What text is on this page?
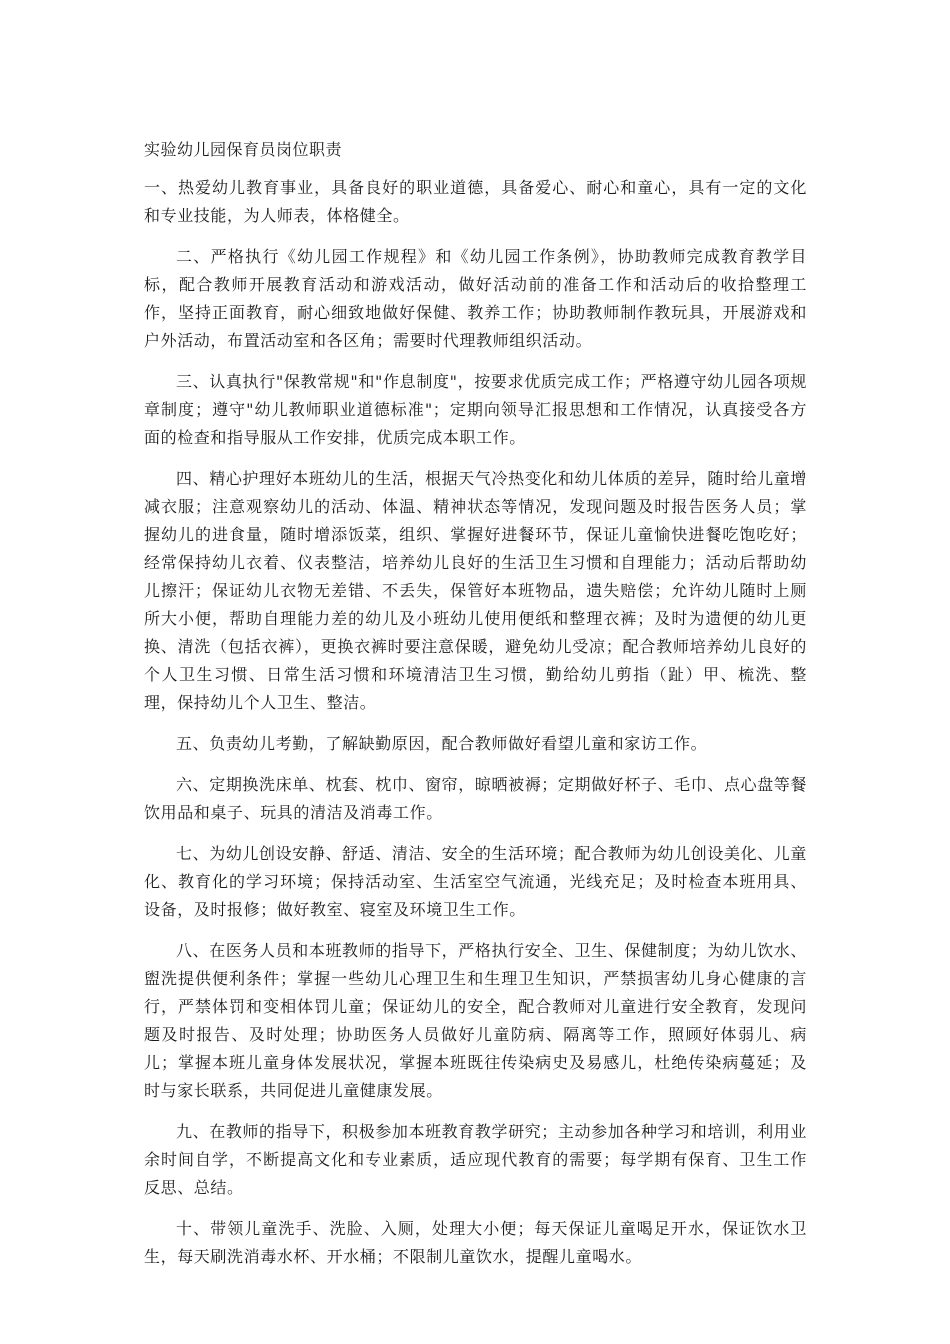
实验幼儿园保育员岗位职责

一、热爱幼儿教育事业，具备良好的职业道德，具备爱心、耐心和童心，具有一定的文化和专业技能，为人师表，体格健全。

二、严格执行《幼儿园工作规程》和《幼儿园工作条例》，协助教师完成教育教学目标，配合教师开展教育活动和游戏活动，做好活动前的准备工作和活动后的收拾整理工作，坚持正面教育，耐心细致地做好保健、教养工作；协助教师制作教玩具，开展游戏和户外活动，布置活动室和各区角；需要时代理教师组织活动。

三、认真执行"保教常规"和"作息制度"，按要求优质完成工作；严格遵守幼儿园各项规章制度；遵守"幼儿教师职业道德标准"；定期向领导汇报思想和工作情况，认真接受各方面的检查和指导服从工作安排，优质完成本职工作。

四、精心护理好本班幼儿的生活，根据天气冷热变化和幼儿体质的差异，随时给儿童增减衣服；注意观察幼儿的活动、体温、精神状态等情况，发现问题及时报告医务人员；掌握幼儿的进食量，随时增添饭菜，组织、掌握好进餐环节，保证儿童愉快进餐吃饱吃好；经常保持幼儿衣着、仪表整洁，培养幼儿良好的生活卫生习惯和自理能力；活动后帮助幼儿擦汗；保证幼儿衣物无差错、不丢失，保管好本班物品，遗失赔偿；允许幼儿随时上厕所大小便，帮助自理能力差的幼儿及小班幼儿使用便纸和整理衣裤；及时为遗便的幼儿更换、清洗（包括衣裤），更换衣裤时要注意保暖，避免幼儿受凉；配合教师培养幼儿良好的个人卫生习惯、日常生活习惯和环境清洁卫生习惯，勤给幼儿剪指（趾）甲、梳洗、整理，保持幼儿个人卫生、整洁。

五、负责幼儿考勤，了解缺勤原因，配合教师做好看望儿童和家访工作。

六、定期换洗床单、枕套、枕巾、窗帘，晾晒被褥；定期做好杯子、毛巾、点心盘等餐饮用品和桌子、玩具的清洁及消毒工作。

七、为幼儿创设安静、舒适、清洁、安全的生活环境；配合教师为幼儿创设美化、儿童化、教育化的学习环境；保持活动室、生活室空气流通，光线充足；及时检查本班用具、设备，及时报修；做好教室、寝室及环境卫生工作。

八、在医务人员和本班教师的指导下，严格执行安全、卫生、保健制度；为幼儿饮水、盥洗提供便利条件；掌握一些幼儿心理卫生和生理卫生知识，严禁损害幼儿身心健康的言行，严禁体罚和变相体罚儿童；保证幼儿的安全，配合教师对儿童进行安全教育，发现问题及时报告、及时处理；协助医务人员做好儿童防病、隔离等工作，照顾好体弱儿、病儿；掌握本班儿童身体发展状况，掌握本班既往传染病史及易感儿，杜绝传染病蔓延；及时与家长联系，共同促进儿童健康发展。

九、在教师的指导下，积极参加本班教育教学研究；主动参加各种学习和培训，利用业余时间自学，不断提高文化和专业素质，适应现代教育的需要；每学期有保育、卫生工作反思、总结。

十、带领儿童洗手、洗脸、入厕，处理大小便；每天保证儿童喝足开水，保证饮水卫生，每天刷洗消毒水杯、开水桶；不限制儿童饮水，提醒儿童喝水。
